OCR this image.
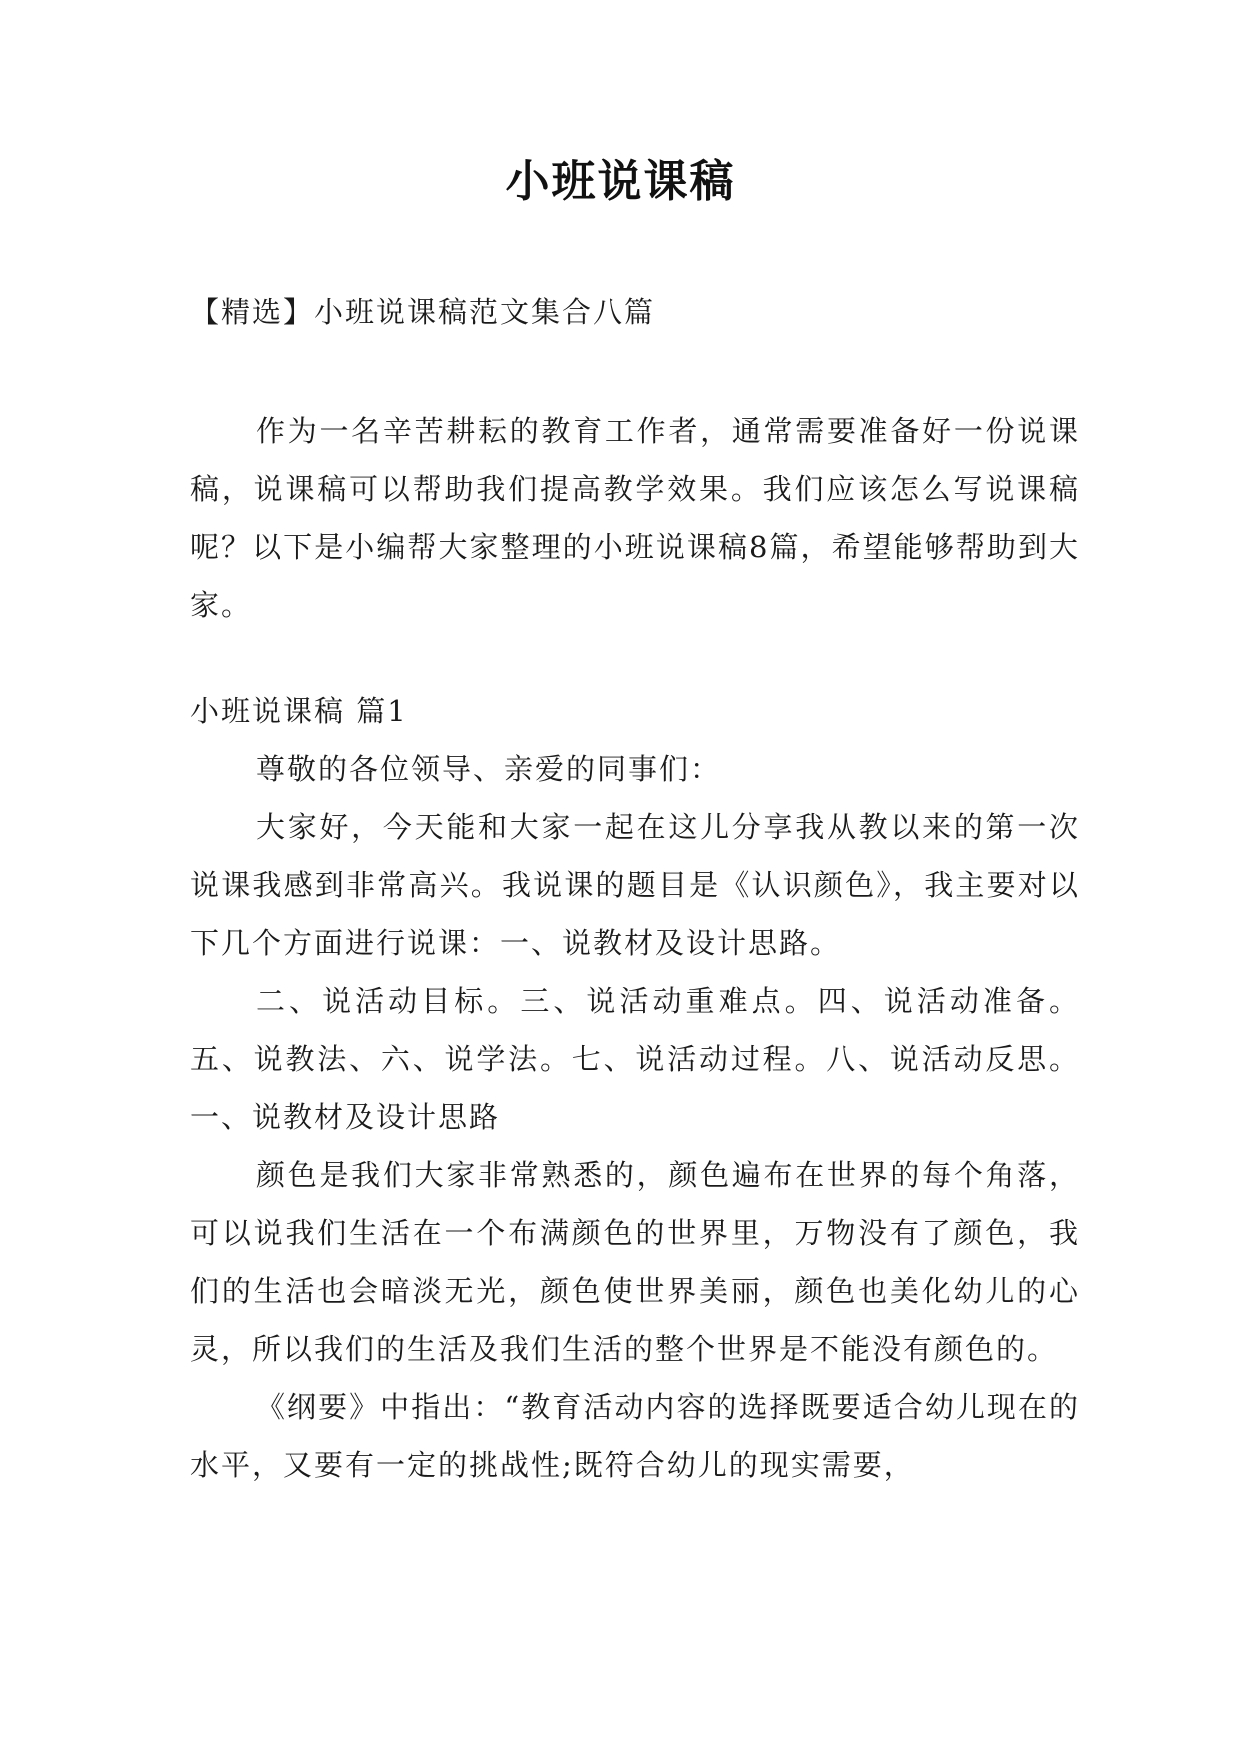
小班说课稿
【精选】小班说课稿范文集合八篇

作为一名辛苦耕耘的教育工作者，通常需要准备好一份说课稿，说课稿可以帮助我们提高教学效果。我们应该怎么写说课稿呢？以下是小编帮大家整理的小班说课稿8篇，希望能够帮助到大家。

小班说课稿 篇1

尊敬的各位领导、亲爱的同事们：

大家好，今天能和大家一起在这儿分享我从教以来的第一次说课我感到非常高兴。我说课的题目是《认识颜色》，我主要对以下几个方面进行说课：一、说教材及设计思路。

二、说活动目标。三、说活动重难点。四、说活动准备。五、说教法、六、说学法。七、说活动过程。八、说活动反思。 一、说教材及设计思路

颜色是我们大家非常熟悉的，颜色遍布在世界的每个角落，可以说我们生活在一个布满颜色的世界里，万物没有了颜色，我们的生活也会暗淡无光，颜色使世界美丽，颜色也美化幼儿的心灵，所以我们的生活及我们生活的整个世界是不能没有颜色的。

《纲要》中指出：“教育活动内容的选择既要适合幼儿现在的水平，又要有一定的挑战性;既符合幼儿的现实需要，
